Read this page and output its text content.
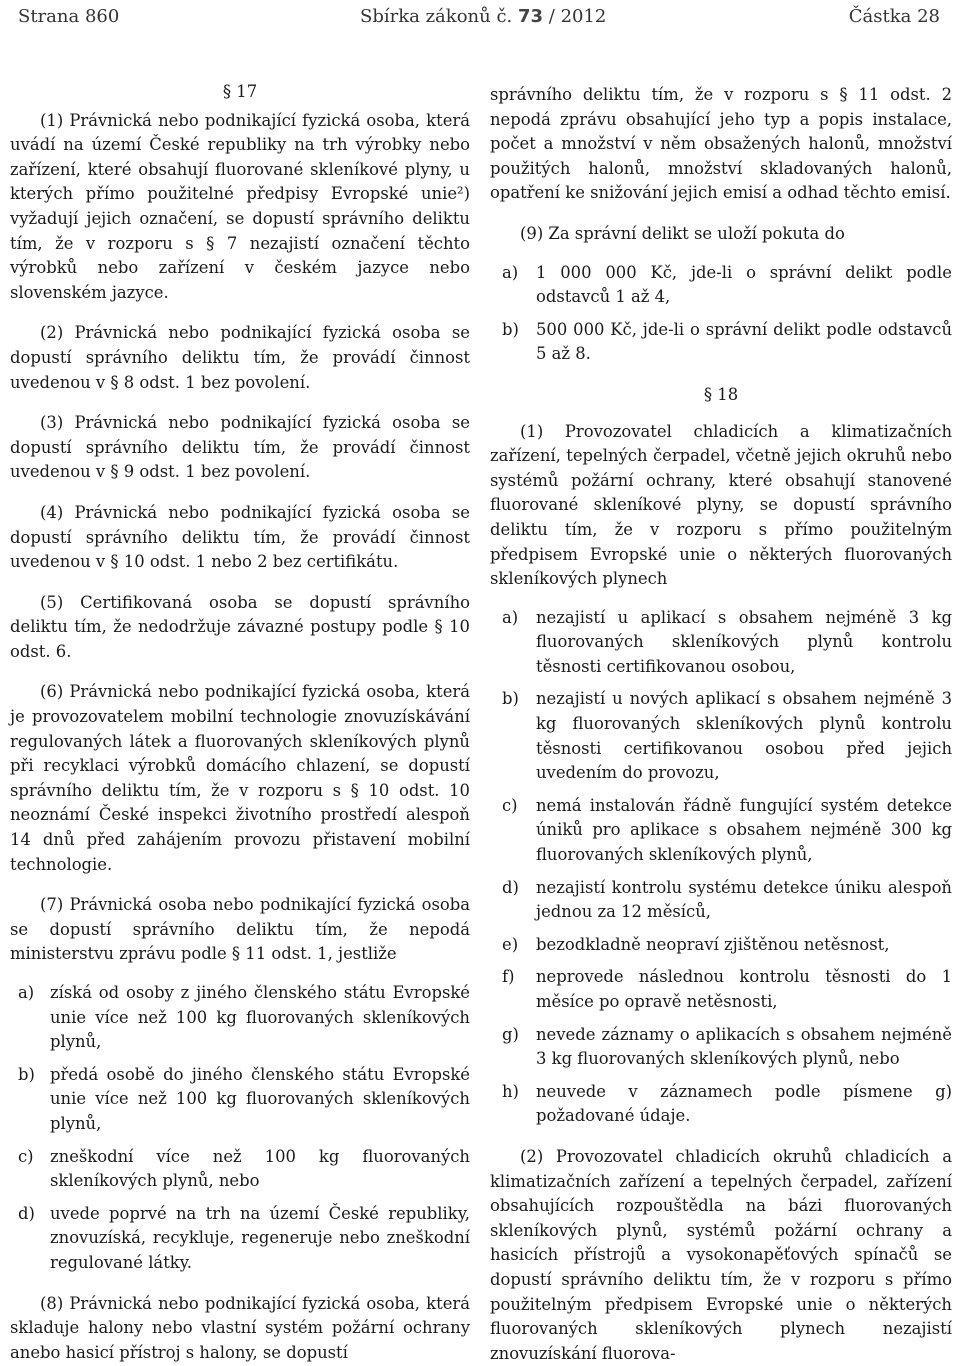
Strana 860	Sbírka zákonů č. 73 / 2012	Částka 28
§ 17

(1) Právnická nebo podnikající fyzická osoba, která uvádí na území České republiky na trh výrobky nebo zařízení, které obsahují fluorované skleníkové plyny, u kterých přímo použitelné předpisy Evropské unie²) vyžadují jejich označení, se dopustí správního deliktu tím, že v rozporu s § 7 nezajistí označení těchto výrobků nebo zařízení v českém jazyce nebo slovenském jazyce.

(2) Právnická nebo podnikající fyzická osoba se dopustí správního deliktu tím, že provádí činnost uvedenou v § 8 odst. 1 bez povolení.

(3) Právnická nebo podnikající fyzická osoba se dopustí správního deliktu tím, že provádí činnost uvedenou v § 9 odst. 1 bez povolení.

(4) Právnická nebo podnikající fyzická osoba se dopustí správního deliktu tím, že provádí činnost uvedenou v § 10 odst. 1 nebo 2 bez certifikátu.

(5) Certifikovaná osoba se dopustí správního deliktu tím, že nedodržuje závazné postupy podle § 10 odst. 6.

(6) Právnická nebo podnikající fyzická osoba, která je provozovatelem mobilní technologie znovuzískávání regulovaných látek a fluorovaných skleníkových plynů při recyklaci výrobků domácího chlazení, se dopustí správního deliktu tím, že v rozporu s § 10 odst. 10 neoznámí České inspekci životního prostředí alespoň 14 dnů před zahájením provozu přistavení mobilní technologie.

(7) Právnická osoba nebo podnikající fyzická osoba se dopustí správního deliktu tím, že nepodá ministerstvu zprávu podle § 11 odst. 1, jestliže

a) získá od osoby z jiného členského státu Evropské unie více než 100 kg fluorovaných skleníkových plynů,
b) předá osobě do jiného členského státu Evropské unie více než 100 kg fluorovaných skleníkových plynů,
c) zneškodní více než 100 kg fluorovaných skleníkových plynů, nebo
d) uvede poprvé na trh na území České republiky, znovuzíská, recykluje, regeneruje nebo zneškodní regulované látky.

(8) Právnická nebo podnikající fyzická osoba, která skladuje halony nebo vlastní systém požární ochrany anebo hasicí přístroj s halony, se dopustí

správního deliktu tím, že v rozporu s § 11 odst. 2 nepodá zprávu obsahující jeho typ a popis instalace, počet a množství v něm obsažených halonů, množství použitých halonů, množství skladovaných halonů, opatření ke snižování jejich emisí a odhad těchto emisí.

(9) Za správní delikt se uloží pokuta do

a) 1 000 000 Kč, jde-li o správní delikt podle odstavců 1 až 4,
b) 500 000 Kč, jde-li o správní delikt podle odstavců 5 až 8.
§ 18

(1) Provozovatel chladicích a klimatizačních zařízení, tepelných čerpadel, včetně jejich okruhů nebo systémů požární ochrany, které obsahují stanovené fluorované skleníkové plyny, se dopustí správního deliktu tím, že v rozporu s přímo použitelným předpisem Evropské unie o některých fluorovaných skleníkových plynech

a) nezajistí u aplikací s obsahem nejméně 3 kg fluorovaných skleníkových plynů kontrolu těsnosti certifikovanou osobou,
b) nezajistí u nových aplikací s obsahem nejméně 3 kg fluorovaných skleníkových plynů kontrolu těsnosti certifikovanou osobou před jejich uvedením do provozu,
c) nemá instalován řádně fungující systém detekce úniků pro aplikace s obsahem nejméně 300 kg fluorovaných skleníkových plynů,
d) nezajistí kontrolu systému detekce úniku alespoň jednou za 12 měsíců,
e) bezodkladně neopraví zjištěnou netěsnost,
f) neprovede následnou kontrolu těsnosti do 1 měsíce po opravě netěsnosti,
g) nevede záznamy o aplikacích s obsahem nejméně 3 kg fluorovaných skleníkových plynů, nebo
h) neuvede v záznamech podle písmene g) požadované údaje.

(2) Provozovatel chladicích okruhů chladicích a klimatizačních zařízení a tepelných čerpadel, zařízení obsahujících rozpouštědla na bázi fluorovaných skleníkových plynů, systémů požární ochrany a hasicích přístrojů a vysokonapěťových spínačů se dopustí správního deliktu tím, že v rozporu s přímo použitelným předpisem Evropské unie o některých fluorovaných skleníkových plynech nezajistí znovuzískání fluorova-
